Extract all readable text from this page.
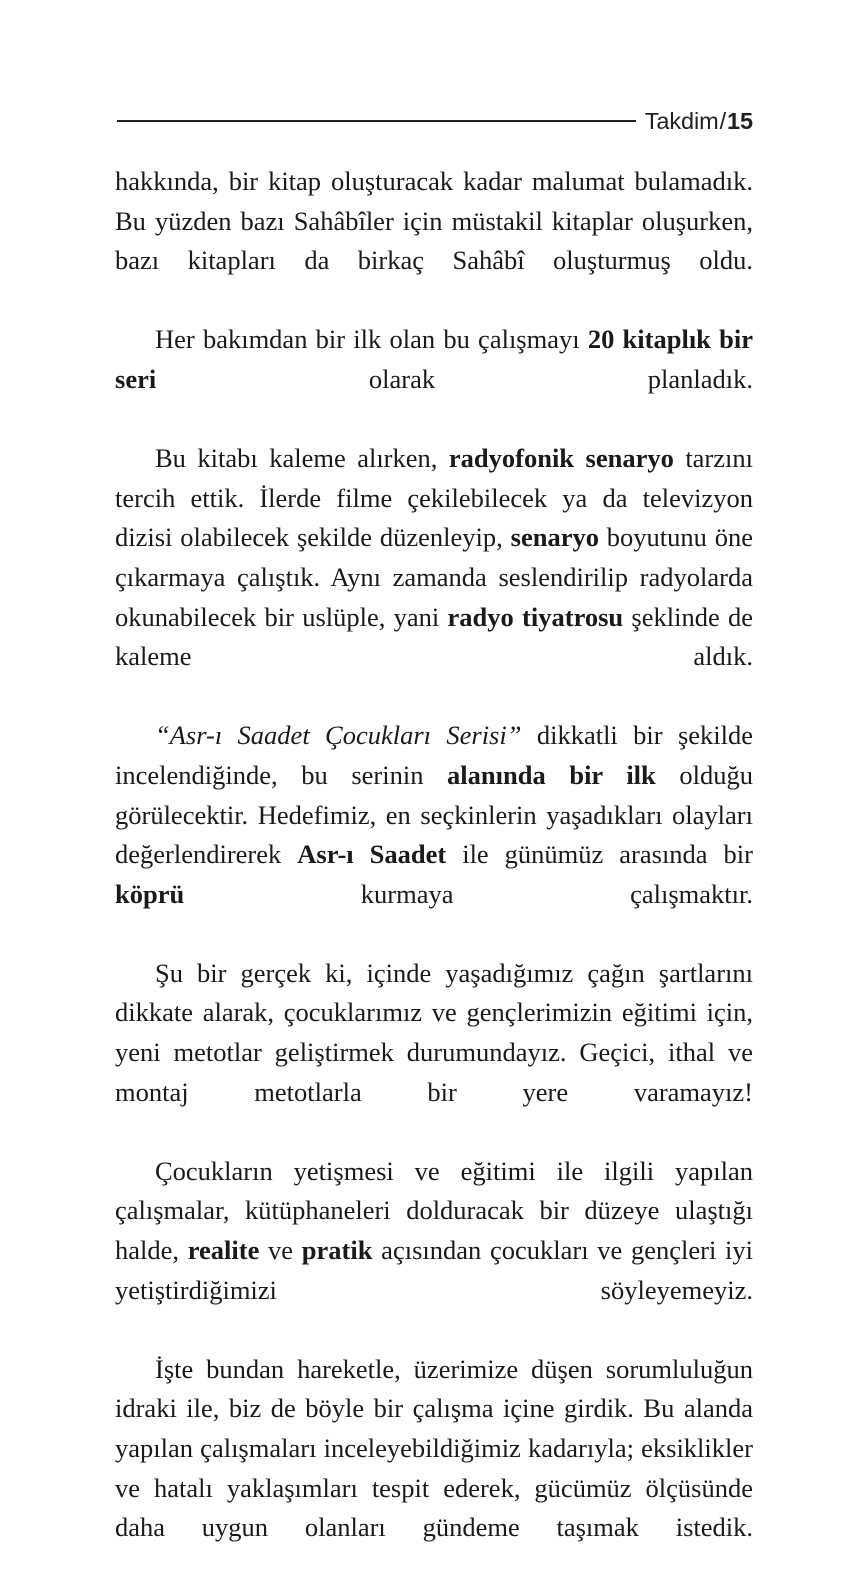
Takdim/15

hakkında, bir kitap oluşturacak kadar malumat bulamadık. Bu yüzden bazı Sahâbîler için müstakil kitaplar oluşurken, bazı kitapları da birkaç Sahâbî oluşturmuş oldu.

Her bakımdan bir ilk olan bu çalışmayı 20 kitaplık bir seri olarak planladık.

Bu kitabı kaleme alırken, radyofonik senaryo tarzını tercih ettik. İlerde filme çekilebilecek ya da televizyon dizisi olabilecek şekilde düzenleyip, senaryo boyutunu öne çıkarmaya çalıştık. Aynı zamanda seslendirilip radyolarda okunabilecek bir uslüple, yani radyo tiyatrosu şeklinde de kaleme aldık.

“Asr-ı Saadet Çocukları Serisi” dikkatli bir şekilde incelendiğinde, bu serinin alanında bir ilk olduğu görülecektir. Hedefimiz, en seçkinlerin yaşadıkları olayları değerlendirerek Asr-ı Saadet ile günümüz arasında bir köprü kurmaya çalışmaktır.

Şu bir gerçek ki, içinde yaşadığımız çağın şartlarını dikkate alarak, çocuklarımız ve gençlerimizin eğitimi için, yeni metotlar geliştirmek durumundayız. Geçici, ithal ve montaj metotlarla bir yere varamayız!

Çocukların yetişmesi ve eğitimi ile ilgili yapılan çalışmalar, kütüphaneleri dolduracak bir düzeye ulaştığı halde, realite ve pratik açısından çocukları ve gençleri iyi yetiştirdiğimizi söyleyemeyiz.

İşte bundan hareketle, üzerimize düşen sorumluluğun idraki ile, biz de böyle bir çalışma içine girdik. Bu alanda yapılan çalışmaları inceleyebildiğimiz kadarıyla; eksiklikler ve hatalı yaklaşımları tespit ederek, gücümüz ölçüsünde daha uygun olanları gündeme taşımak istedik.
